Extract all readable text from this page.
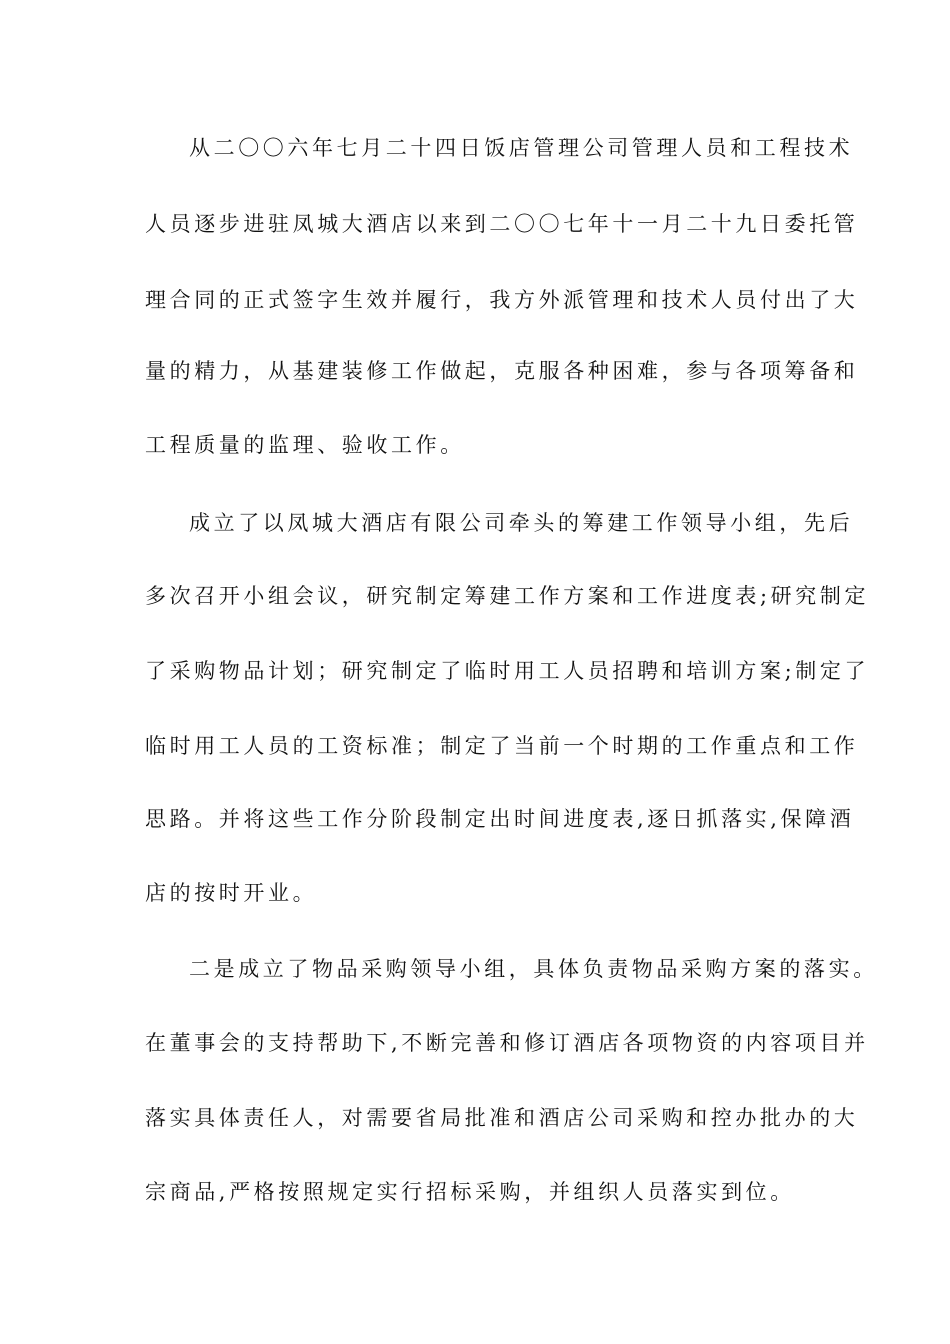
从二〇〇六年七月二十四日饭店管理公司管理人员和工程技术
人员逐步进驻凤城大酒店以来到二〇〇七年十一月二十九日委托管
理合同的正式签字生效并履行，我方外派管理和技术人员付出了大
量的精力，从基建装修工作做起，克服各种困难，参与各项筹备和
工程质量的监理、验收工作。
成立了以凤城大酒店有限公司牵头的筹建工作领导小组，先后
多次召开小组会议，研究制定筹建工作方案和工作进度表;研究制定
了采购物品计划；研究制定了临时用工人员招聘和培训方案;制定了
临时用工人员的工资标准；制定了当前一个时期的工作重点和工作
思路。并将这些工作分阶段制定出时间进度表,逐日抓落实,保障酒
店的按时开业。
二是成立了物品采购领导小组，具体负责物品采购方案的落实。
在董事会的支持帮助下,不断完善和修订酒店各项物资的内容项目并
落实具体责任人，对需要省局批准和酒店公司采购和控办批办的大
宗商品,严格按照规定实行招标采购，并组织人员落实到位。
